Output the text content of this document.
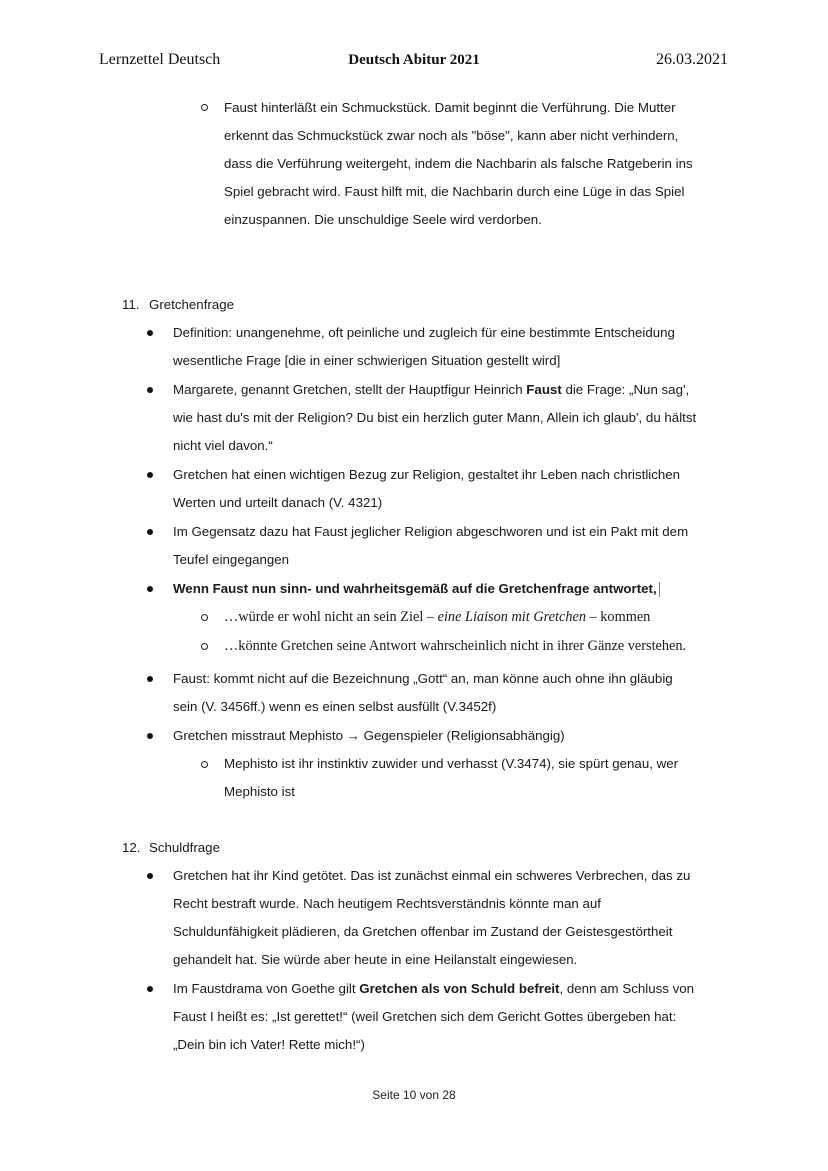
Deutsch Abitur 2021
Lernzettel Deutsch	26.03.2021
Faust hinterläßt ein Schmuckstück. Damit beginnt die Verführung. Die Mutter
erkennt das Schmuckstück zwar noch als "böse", kann aber nicht verhindern,
dass die Verführung weitergeht, indem die Nachbarin als falsche Ratgeberin ins
Spiel gebracht wird. Faust hilft mit, die Nachbarin durch eine Lüge in das Spiel
einzuspannen. Die unschuldige Seele wird verdorben.
11. Gretchenfrage
Definition: unangenehme, oft peinliche und zugleich für eine bestimmte Entscheidung
wesentliche Frage [die in einer schwierigen Situation gestellt wird]
Margarete, genannt Gretchen, stellt der Hauptfigur Heinrich Faust die Frage: „Nun sag',
wie hast du's mit der Religion? Du bist ein herzlich guter Mann, Allein ich glaub', du hältst
nicht viel davon.“
Gretchen hat einen wichtigen Bezug zur Religion, gestaltet ihr Leben nach christlichen
Werten und urteilt danach (V. 4321)
Im Gegensatz dazu hat Faust jeglicher Religion abgeschworen und ist ein Pakt mit dem
Teufel eingegangen
Wenn Faust nun sinn- und wahrheitsgemäß auf die Gretchenfrage antwortet,
…würde er wohl nicht an sein Ziel – eine Liaison mit Gretchen – kommen
…könnte Gretchen seine Antwort wahrscheinlich nicht in ihrer Gänze verstehen.
Faust: kommt nicht auf die Bezeichnung „Gott“ an, man könne auch ohne ihn gläubig
sein (V. 3456ff.) wenn es einen selbst ausfüllt (V.3452f)
Gretchen misstraut Mephisto → Gegenspieler (Religionsabhängig)
Mephisto ist ihr instinktiv zuwider und verhasst (V.3474), sie spürt genau, wer
Mephisto ist
12. Schuldfrage
Gretchen hat ihr Kind getötet. Das ist zunächst einmal ein schweres Verbrechen, das zu
Recht bestraft wurde. Nach heutigem Rechtsverständnis könnte man auf
Schuldunfähigkeit plädieren, da Gretchen offenbar im Zustand der Geistesgestörtheit
gehandelt hat. Sie würde aber heute in eine Heilanstalt eingewiesen.
Im Faustdrama von Goethe gilt Gretchen als von Schuld befreit, denn am Schluss von
Faust I heißt es: „Ist gerettet!“ (weil Gretchen sich dem Gericht Gottes übergeben hat:
„Dein bin ich Vater! Rette mich!“)
Seite 10 von 28
